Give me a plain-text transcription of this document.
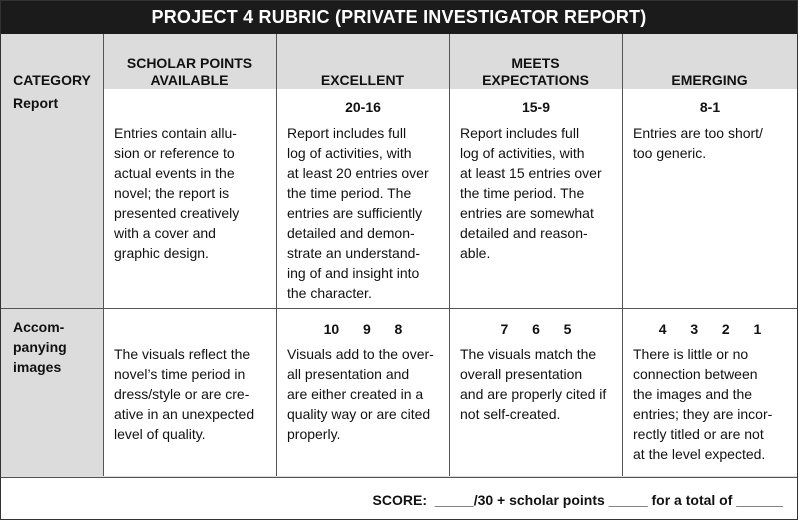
PROJECT 4 RUBRIC (PRIVATE INVESTIGATOR REPORT)
CATEGORY
SCHOLAR POINTS
AVAILABLE	EXCELLENT
MEETS
EXPECTATIONS	EMERGING
Report
Entries contain allu-
sion or reference to
actual events in the
novel; the report is
presented creatively
with a cover and
graphic design.
20-16
Report includes full
log of activities, with
at least 20 entries over
the time period. The
entries are sufficiently
detailed and demon-
strate an understand-
ing of and insight into
the character.
15-9
Report includes full
log of activities, with
at least 15 entries over
the time period. The
entries are somewhat
detailed and reason-
able.
8-1
Entries are too short/
too generic.
Accom-
panying
images
The visuals reflect the
novel’s time period in
dress/style or are cre-
ative in an unexpected
level of quality.
10  9  8
Visuals add to the over-
all presentation and
are either created in a
quality way or are cited
properly.
7  6  5
The visuals match the
overall presentation
and are properly cited if
not self-created.
4  3  2  1
There is little or no
connection between
the images and the
entries; they are incor-
rectly titled or are not
at the level expected.
SCORE:  _____/30 + scholar points _____ for a total of ______
